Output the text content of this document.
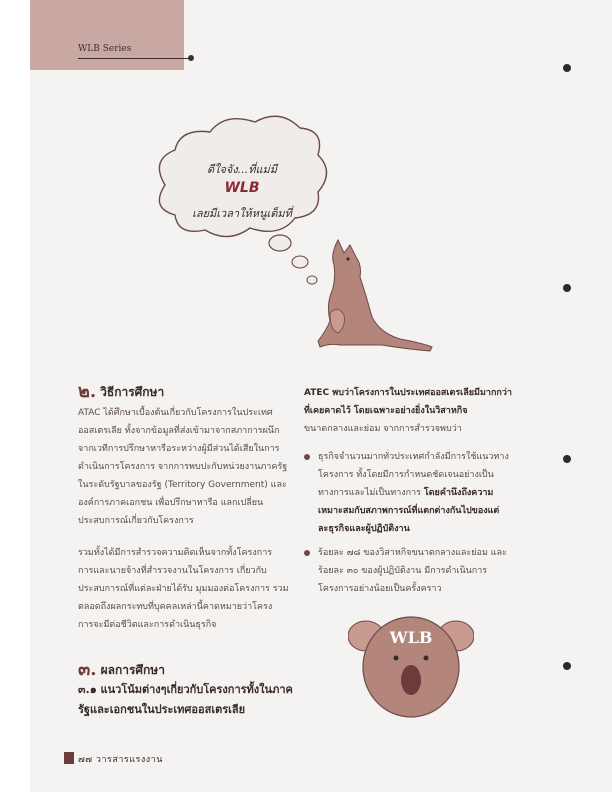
WLB Series
ดีใจจัง...ที่แม่มี
WLB
เลยมีเวลาให้หนูเต็มที่
๒. วิธีการศึกษา
ATAC ได้ศึกษาเบื้องต้นเกี่ยวกับโครงการในประเทศ
ออสเตรเลีย ทั้งจากข้อมูลที่ส่งเข้ามาจากสภาการผนึก
จากเวทีการปรึกษาหารือระหว่างผู้มีส่วนได้เสียในการ
ดำเนินการโครงการ จากการพบปะกับหน่วยงานภาครัฐ
ในระดับรัฐบาลของรัฐ (Territory Government) และ
องค์การภาคเอกชน เพื่อปรึกษาหารือ แลกเปลี่ยน
ประสบการณ์เกี่ยวกับโครงการ
รวมทั้งได้มีการสำรวจความคิดเห็นจากทั้งโครงการ
การและนายจ้างที่สำรวจงานในโครงการ เกี่ยวกับ
ประสบการณ์ที่แต่ละฝ่ายได้รับ มุมมองต่อโครงการ รวม
ตลอดถึงผลกระทบที่บุคคลเหล่านี้คาดหมายว่าโครง
การจะมีต่อชีวิตและการดำเนินธุรกิจ
๓. ผลการศึกษา
๓.๑ แนวโน้มต่างๆเกี่ยวกับโครงการทั้งในภาค
รัฐและเอกชนในประเทศออสเตรเลีย
ATEC พบว่าโครงการในประเทศออสเตรเลียมีมากกว่า
ที่เคยคาดไว้ โดยเฉพาะอย่างยิ่งในวิสาหกิจ
ขนาดกลางและย่อม จากการสำรวจพบว่า
ธุรกิจจำนวนมากทั่วประเทศกำลังมีการใช้แนวทาง
โครงการ ทั้งโดยมีการกำหนดชัดเจนอย่างเป็น
ทางการและไม่เป็นทางการ โดยคำนึงถึงความ
เหมาะสมกับสภาพการณ์ที่แตกต่างกันไปของแต่
ละธุรกิจและผู้ปฏิบัติงาน
ร้อยละ ๗๘ ของวิสาหกิจขนาดกลางและย่อม และ
ร้อยละ ๓๐ ของผู้ปฏิบัติงาน มีการดำเนินการ
โครงการอย่างน้อยเป็นครั้งคราว
WLB
๗๗ วารสารแรงงาน
